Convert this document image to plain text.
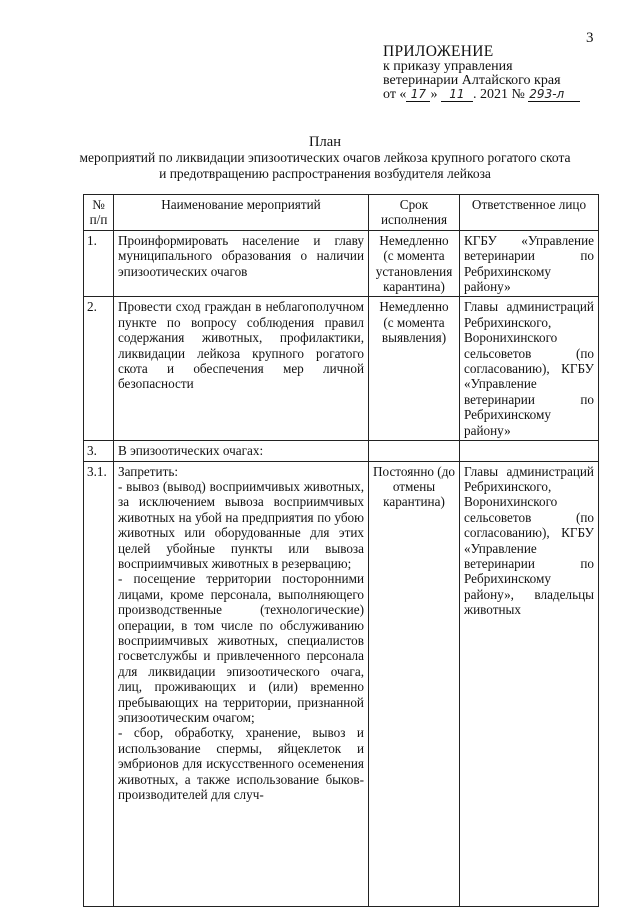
3
ПРИЛОЖЕНИЕ
к приказу управления
ветеринарии Алтайского края
от « 17 » 11 . 2021 № 293-л
План
мероприятий по ликвидации эпизоотических очагов лейкоза крупного рогатого скота
и предотвращению распространения возбудителя лейкоза
№ п/п	Наименование мероприятий	Срок исполнения	Ответственное лицо
1.	Проинформировать население и главу муниципального образования о наличии эпизоотических очагов	Немедленно (с момента установления карантина)	КГБУ «Управление ветеринарии по Ребрихинскому району»
2.	Провести сход граждан в неблагополучном пункте по вопросу соблюдения правил содержания животных, профилактики, ликвидации лейкоза крупного рогатого скота и обеспечения мер личной безопасности	Немедленно (с момента выявления)	Главы администраций Ребрихинского, Воронихинского сельсоветов (по согласованию), КГБУ «Управление ветеринарии по Ребрихинскому району»
3.	В эпизоотических очагах:		
3.1.	Запретить:
- вывоз (вывод) восприимчивых животных, за исключением вывоза восприимчивых животных на убой на предприятия по убою животных или оборудованные для этих целей убойные пункты или вывоза восприимчивых животных в резервацию;
- посещение территории посторонними лицами, кроме персонала, выполняющего производственные (технологические) операции, в том числе по обслуживанию восприимчивых животных, специалистов госветслужбы и привлеченного персонала для ликвидации эпизоотического очага, лиц, проживающих и (или) временно пребывающих на территории, признанной эпизоотическим очагом;
- сбор, обработку, хранение, вывоз и использование спермы, яйцеклеток и эмбрионов для искусственного осеменения животных, а также использование быков-производителей для случ-	Постоянно (до отмены карантина)	Главы администраций Ребрихинского, Воронихинского сельсоветов (по согласованию), КГБУ «Управление ветеринарии по Ребрихинскому району», владельцы животных
